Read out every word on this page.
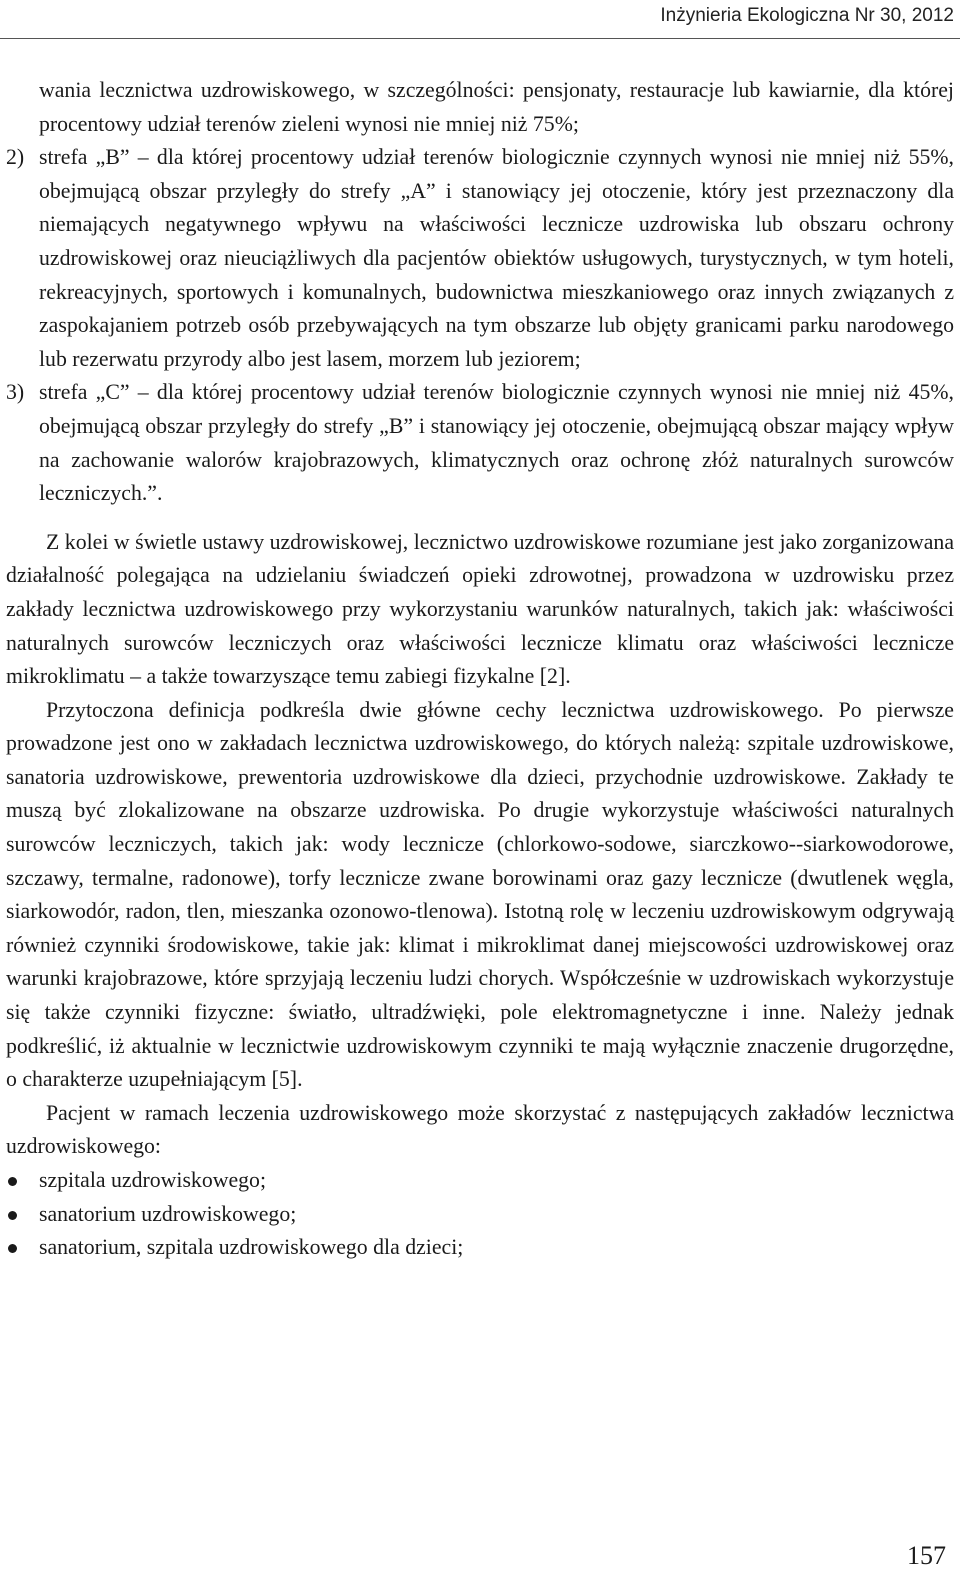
Inżynieria Ekologiczna Nr 30, 2012

wania lecznictwa uzdrowiskowego, w szczególności: pensjonaty, restauracje lub kawiarnie, dla której procentowy udział terenów zieleni wynosi nie mniej niż 75%;

2) strefa „B” – dla której procentowy udział terenów biologicznie czynnych wynosi nie mniej niż 55%, obejmującą obszar przyległy do strefy „A” i stanowiący jej otoczenie, który jest przeznaczony dla niemających negatywnego wpływu na właściwości lecznicze uzdrowiska lub obszaru ochrony uzdrowiskowej oraz nieuciążliwych dla pacjentów obiektów usługowych, turystycznych, w tym hoteli, rekreacyjnych, sportowych i komunalnych, budownictwa mieszkaniowego oraz innych związanych z zaspokajaniem potrzeb osób przebywających na tym obszarze lub objęty granicami parku narodowego lub rezerwatu przyrody albo jest lasem, morzem lub jeziorem;
3) strefa „C” – dla której procentowy udział terenów biologicznie czynnych wynosi nie mniej niż 45%, obejmującą obszar przyległy do strefy „B” i stanowiący jej otoczenie, obejmującą obszar mający wpływ na zachowanie walorów krajobrazowych, klimatycznych oraz ochronę złóż naturalnych surowców leczniczych.”.

Z kolei w świetle ustawy uzdrowiskowej, lecznictwo uzdrowiskowe rozumiane jest jako zorganizowana działalność polegająca na udzielaniu świadczeń opieki zdrowotnej, prowadzona w uzdrowisku przez zakłady lecznictwa uzdrowiskowego przy wykorzystaniu warunków naturalnych, takich jak: właściwości naturalnych surowców leczniczych oraz właściwości lecznicze klimatu oraz właściwości lecznicze mikroklimatu – a także towarzyszące temu zabiegi fizykalne [2].

Przytoczona definicja podkreśla dwie główne cechy lecznictwa uzdrowiskowego. Po pierwsze prowadzone jest ono w zakładach lecznictwa uzdrowiskowego, do których należą: szpitale uzdrowiskowe, sanatoria uzdrowiskowe, prewentoria uzdrowiskowe dla dzieci, przychodnie uzdrowiskowe. Zakłady te muszą być zlokalizowane na obszarze uzdrowiska. Po drugie wykorzystuje właściwości naturalnych surowców leczniczych, takich jak: wody lecznicze (chlorkowo-sodowe, siarczkowo-‑siarkowodorowe, szczawy, termalne, radonowe), torfy lecznicze zwane borowinami oraz gazy lecznicze (dwutlenek węgla, siarkowodór, radon, tlen, mieszanka ozonowo-tlenowa). Istotną rolę w leczeniu uzdrowiskowym odgrywają również czynniki środowiskowe, takie jak: klimat i mikroklimat danej miejscowości uzdrowiskowej oraz warunki krajobrazowe, które sprzyjają leczeniu ludzi chorych. Współcześnie w uzdrowiskach wykorzystuje się także czynniki fizyczne: światło, ultradźwięki, pole elektromagnetyczne i inne. Należy jednak podkreślić, iż aktualnie w lecznictwie uzdrowiskowym czynniki te mają wyłącznie znaczenie drugorzędne, o charakterze uzupełniającym [5].

Pacjent w ramach leczenia uzdrowiskowego może skorzystać z następujących zakładów lecznictwa uzdrowiskowego:

szpitala uzdrowiskowego;
sanatorium uzdrowiskowego;
sanatorium, szpitala uzdrowiskowego dla dzieci;
157
